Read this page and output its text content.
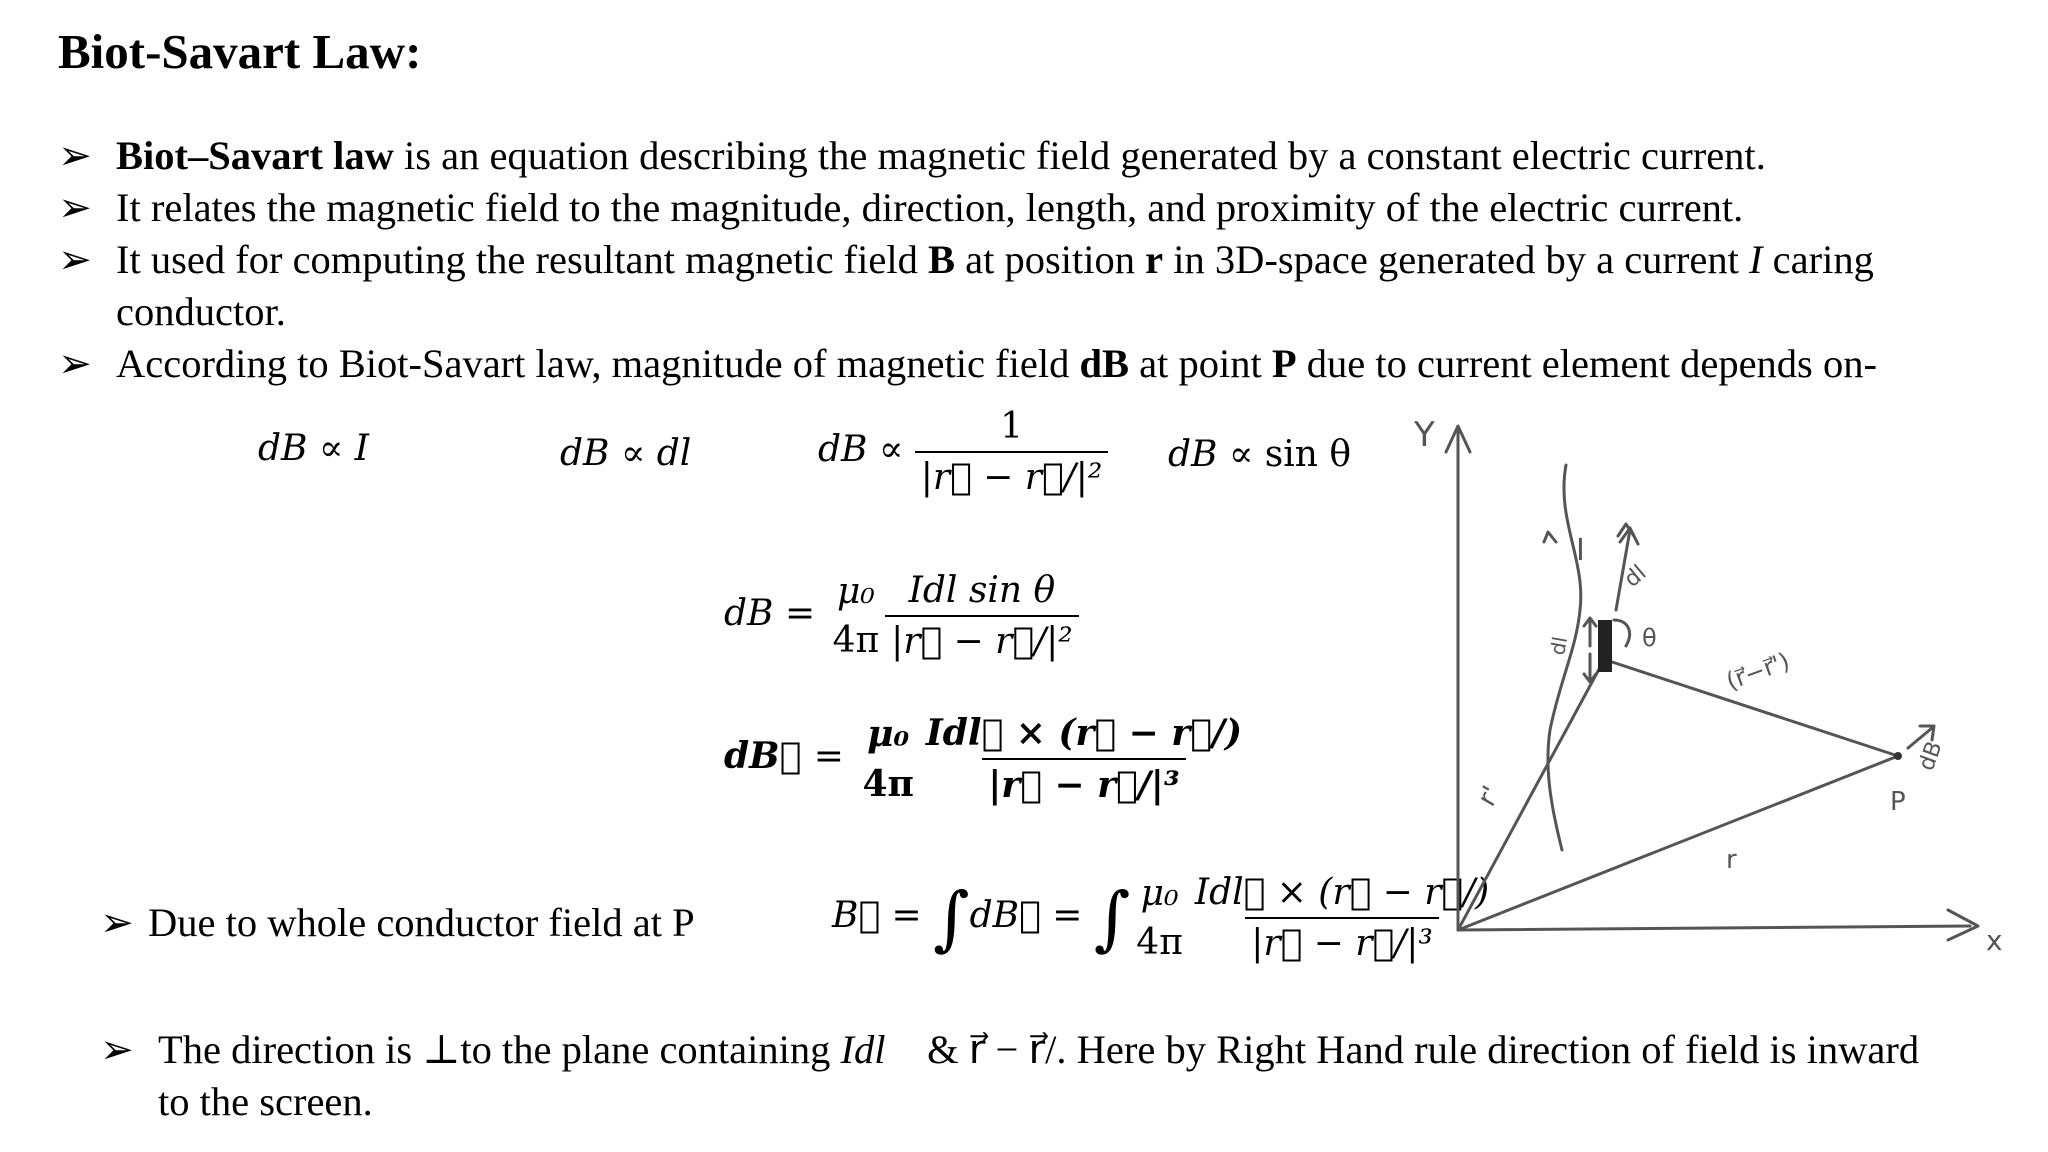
Biot-Savart Law:
➢ Biot–Savart law is an equation describing the magnetic field generated by a constant electric current.
➢ It relates the magnetic field to the magnitude, direction, length, and proximity of the electric current.
➢ It used for computing the resultant magnetic field B at position r in 3D-space generated by a current I caring
conductor.
➢ According to Biot-Savart law, magnitude of magnetic field dB at point P due to current element depends on-
dB ∝ I	dB ∝ dl	dB ∝ $\frac{1}{\text{|r⃗ − r⃗/|²}}$ dB ∝ sin θ
dB =
μ₀
$4\pi \frac{\text{Idl sin θ}}{\text{|r⃗ − r⃗/|²}}$
dB⃗ =
μ₀
$4\pi \frac{\text{Idl⃗ × (r⃗ − r⃗/)}}{\text{|r⃗ − r⃗/|³}}$
➢ Due to whole conductor field at P	B⃗ = ∫dB⃗ = ∫ μ₀
$4\pi \frac{\text{Idl⃗ × (r⃗ − r⃗/)}}{\text{|r⃗ − r⃗/|³}}$
➢ The direction is ⊥to the plane containing Idl⃗ & r⃗ − r⃗/. Here by Right Hand rule direction of field is inward
to the screen.
Y
x
I
dl
dl	θ
r'
(r⃗−r⃗')
r
dB
P
